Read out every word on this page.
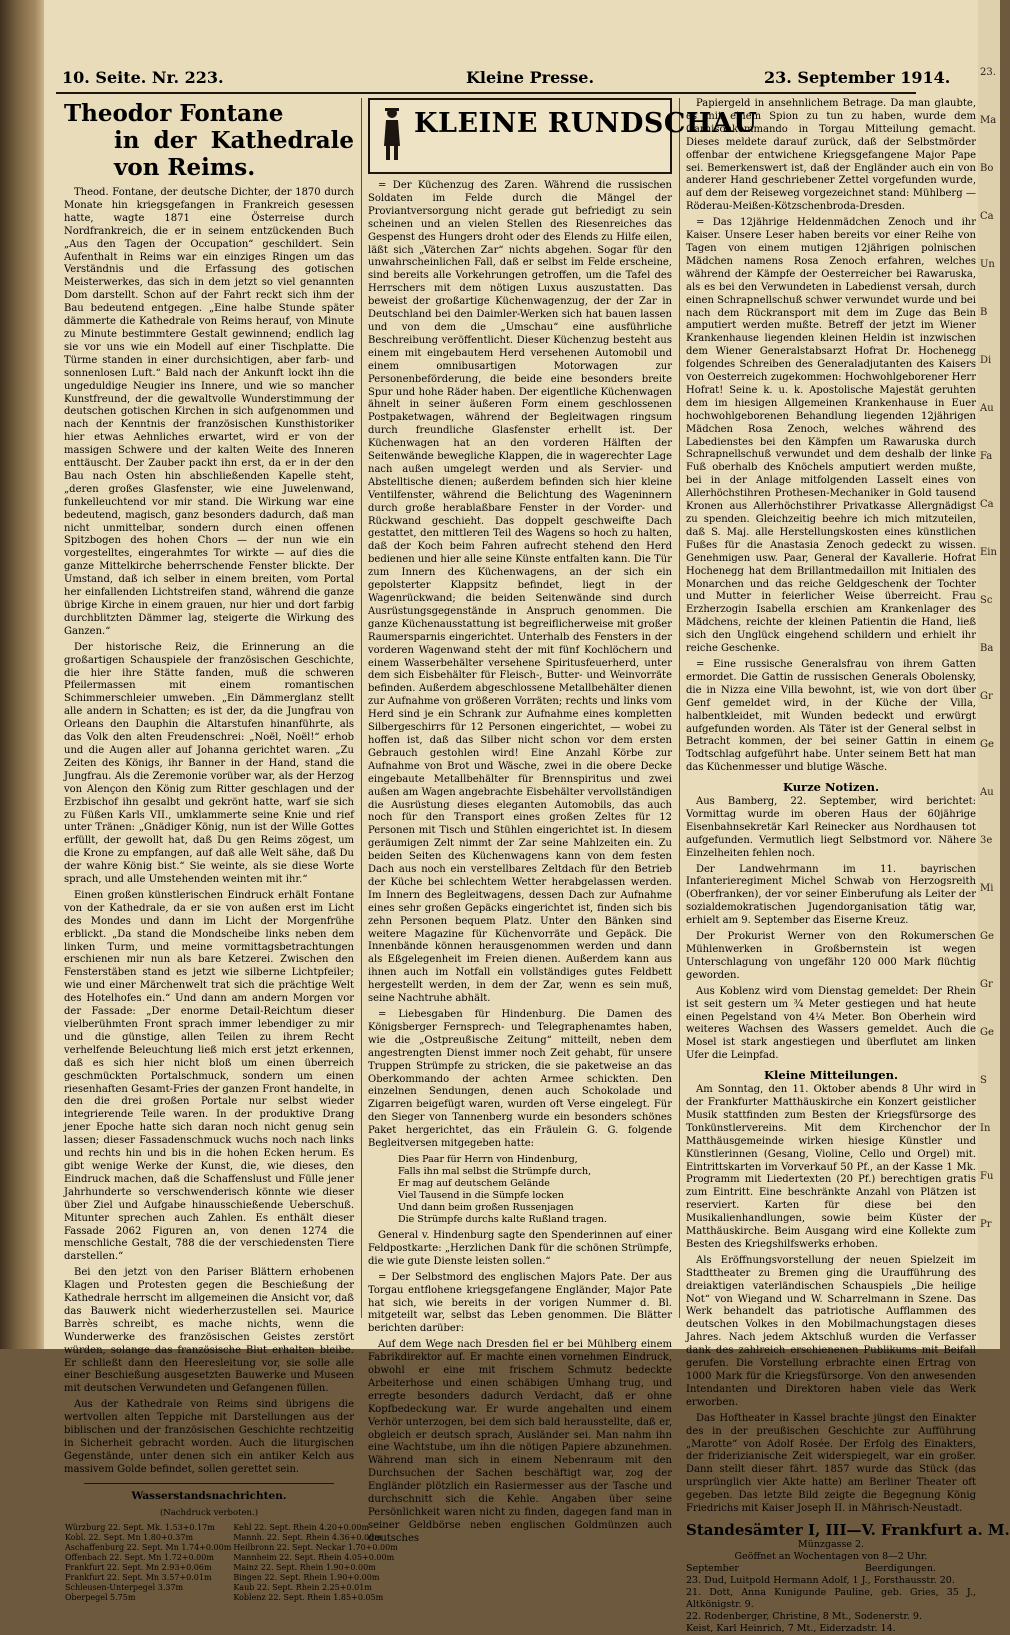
23.
Ma
Bo
Ca
Un
B
Di
Au
Fa
Ca
Ein
Sc
Ba
Gr
Ge
Au
3e
Mi
Ge
Gr
Ge
S
In
Fu
Pr
10. Seite. Nr. 223.	Kleine Presse.	23. September 1914.
Theodor Fontane
in der Kathedrale von Reims.

Theod. Fontane, der deutsche Dichter, der 1870 durch Monate hin kriegsgefangen in Frankreich gesessen hatte, wagte 1871 eine Österreise durch Nordfrankreich, die er in seinem entzückenden Buch „Aus den Tagen der Occupation“ geschildert. Sein Aufenthalt in Reims war ein einziges Ringen um das Verständnis und die Erfassung des gotischen Meisterwerkes, das sich in dem jetzt so viel genannten Dom darstellt. Schon auf der Fahrt reckt sich ihm der Bau bedeutend entgegen. „Eine halbe Stunde später dämmerte die Kathedrale von Reims herauf, von Minute zu Minute bestimmtere Gestalt gewinnend; endlich lag sie vor uns wie ein Modell auf einer Tischplatte. Die Türme standen in einer durchsichtigen, aber farb- und sonnenlosen Luft.“ Bald nach der Ankunft lockt ihn die ungeduldige Neugier ins Innere, und wie so mancher Kunstfreund, der die gewaltvolle Wunderstimmung der deutschen gotischen Kirchen in sich aufgenommen und nach der Kenntnis der französischen Kunsthistoriker hier etwas Aehnliches erwartet, wird er von der massigen Schwere und der kalten Weite des Inneren enttäuscht. Der Zauber packt ihn erst, da er in der den Bau nach Osten hin abschließenden Kapelle steht, „deren großes Glasfenster, wie eine Juwelenwand, funkelleuchtend vor mir stand. Die Wirkung war eine bedeutend, magisch, ganz besonders dadurch, daß man nicht unmittelbar, sondern durch einen offenen Spitzbogen des hohen Chors — der nun wie ein vorgestelltes, eingerahmtes Tor wirkte — auf dies die ganze Mittelkirche beherrschende Fenster blickte. Der Umstand, daß ich selber in einem breiten, vom Portal her einfallenden Lichtstreifen stand, während die ganze übrige Kirche in einem grauen, nur hier und dort farbig durchblitzten Dämmer lag, steigerte die Wirkung des Ganzen.“

Der historische Reiz, die Erinnerung an die großartigen Schauspiele der französischen Geschichte, die hier ihre Stätte fanden, muß die schweren Pfeilermassen mit einem romantischen Schimmerschleier umweben. „Ein Dämmerglanz stellt alle andern in Schatten; es ist der, da die Jungfrau von Orleans den Dauphin die Altarstufen hinanführte, als das Volk den alten Freudenschrei: „Noël, Noël!“ erhob und die Augen aller auf Johanna gerichtet waren. „Zu Zeiten des Königs, ihr Banner in der Hand, stand die Jungfrau. Als die Zeremonie vorüber war, als der Herzog von Alençon den König zum Ritter geschlagen und der Erzbischof ihn gesalbt und gekrönt hatte, warf sie sich zu Füßen Karls VII., umklammerte seine Knie und rief unter Tränen: „Gnädiger König, nun ist der Wille Gottes erfüllt, der gewollt hat, daß Du gen Reims zögest, um die Krone zu empfangen, auf daß alle Welt sähe, daß Du der wahre König bist.“ Sie weinte, als sie diese Worte sprach, und alle Umstehenden weinten mit ihr.“

Einen großen künstlerischen Eindruck erhält Fontane von der Kathedrale, da er sie von außen erst im Licht des Mondes und dann im Licht der Morgenfrühe erblickt. „Da stand die Mondscheibe links neben dem linken Turm, und meine vormittagsbetrachtungen erschienen mir nun als bare Ketzerei. Zwischen den Fensterstäben stand es jetzt wie silberne Lichtpfeiler; wie und einer Märchenwelt trat sich die prächtige Welt des Hotelhofes ein.“ Und dann am andern Morgen vor der Fassade: „Der enorme Detail-Reichtum dieser vielberühmten Front sprach immer lebendiger zu mir und die günstige, allen Teilen zu ihrem Recht verhelfende Beleuchtung ließ mich erst jetzt erkennen, daß es sich hier nicht bloß um einen überreich geschmückten Portalschmuck, sondern um einen riesenhaften Gesamt-Fries der ganzen Front handelte, in den die drei großen Portale nur selbst wieder integrierende Teile waren. In der produktive Drang jener Epoche hatte sich daran noch nicht genug sein lassen; dieser Fassadenschmuck wuchs noch nach links und rechts hin und bis in die hohen Ecken herum. Es gibt wenige Werke der Kunst, die, wie dieses, den Eindruck machen, daß die Schaffenslust und Fülle jener Jahrhunderte so verschwenderisch könnte wie dieser über Ziel und Aufgabe hinausschießende Ueberschuß. Mitunter sprechen auch Zahlen. Es enthält dieser Fassade 2062 Figuren an, von denen 1274 die menschliche Gestalt, 788 die der verschiedensten Tiere darstellen.“

Bei den jetzt von den Pariser Blättern erhobenen Klagen und Protesten gegen die Beschießung der Kathedrale herrscht im allgemeinen die Ansicht vor, daß das Bauwerk nicht wiederherzustellen sei. Maurice Barrès schreibt, es mache nichts, wenn die Wunderwerke des französischen Geistes zerstört würden, solange das französische Blut erhalten bleibe. Er schließt dann den Heeresleitung vor, sie solle alle einer Beschießung ausgesetzten Bauwerke und Museen mit deutschen Verwundeten und Gefangenen füllen.

Aus der Kathedrale von Reims sind übrigens die wertvollen alten Teppiche mit Darstellungen aus der biblischen und der französischen Geschichte rechtzeitig in Sicherheit gebracht worden. Auch die liturgischen Gegenstände, unter denen sich ein antiker Kelch aus massivem Golde befindet, sollen gerettet sein.

Wasserstandsnachrichten.
(Nachdruck verboten.)
Würzburg 22. Sept. Mk. 1.53+0.17m	Kehl 22. Sept. Rhein 4.20+0.00m
Kobl. 22. Sept. Mn 1.80+0.37m	Mannh. 22. Sept. Rhein 4.36+0.00m
Aschaffenburg 22. Sept. Mn 1.74+0.00m	Heilbronn 22. Sept. Neckar 1.70+0.00m
Offenbach 22. Sept. Mn 1.72+0.00m	Mannheim 22. Sept. Rhein 4.05+0.00m
Frankfurt 22. Sept. Mn 2.93+0.06m	Mainz 22. Sept. Rhein 1.90+0.00m
Frankfurt 22. Sept. Mn 3.57+0.01m	Bingen 22. Sept. Rhein 1.90+0.00m
Schleusen-Unterpegel 3.37m	Kaub 22. Sept. Rhein 2.25+0.01m
Oberpegel 5.75m	Koblenz 22. Sept. Rhein 1.85+0.05m
KLEINE RUNDSCHAU

= Der Küchenzug des Zaren. Während die russischen Soldaten im Felde durch die Mängel der Proviantversorgung nicht gerade gut befriedigt zu sein scheinen und an vielen Stellen des Riesenreiches das Gespenst des Hungers droht oder des Elends zu Hilfe eilen, läßt sich „Väterchen Zar“ nichts abgehen. Sogar für den unwahrscheinlichen Fall, daß er selbst im Felde erscheine, sind bereits alle Vorkehrungen getroffen, um die Tafel des Herrschers mit dem nötigen Luxus auszustatten. Das beweist der großartige Küchenwagenzug, der der Zar in Deutschland bei den Daimler-Werken sich hat bauen lassen und von dem die „Umschau“ eine ausführliche Beschreibung veröffentlicht. Dieser Küchenzug besteht aus einem mit eingebautem Herd versehenen Automobil und einem omnibusartigen Motorwagen zur Personenbeförderung, die beide eine besonders breite Spur und hohe Räder haben. Der eigentliche Küchenwagen ähnelt in seiner äußeren Form einem geschlossenen Postpaketwagen, während der Begleitwagen ringsum durch freundliche Glasfenster erhellt ist. Der Küchenwagen hat an den vorderen Hälften der Seitenwände bewegliche Klappen, die in wagerechter Lage nach außen umgelegt werden und als Servier- und Abstelltische dienen; außerdem befinden sich hier kleine Ventilfenster, während die Belichtung des Wageninnern durch große herablaßbare Fenster in der Vorder- und Rückwand geschieht. Das doppelt geschweifte Dach gestattet, den mittleren Teil des Wagens so hoch zu halten, daß der Koch beim Fahren aufrecht stehend den Herd bedienen und hier alle seine Künste entfalten kann. Die Tür zum Innern des Küchenwagens, an der sich ein gepolsterter Klappsitz befindet, liegt in der Wagenrückwand; die beiden Seitenwände sind durch Ausrüstungsgegenstände in Anspruch genommen. Die ganze Küchenausstattung ist begreiflicherweise mit großer Raumersparnis eingerichtet. Unterhalb des Fensters in der vorderen Wagenwand steht der mit fünf Kochlöchern und einem Wasserbehälter versehene Spiritusfeuerherd, unter dem sich Eisbehälter für Fleisch-, Butter- und Weinvorräte befinden. Außerdem abgeschlossene Metallbehälter dienen zur Aufnahme von größeren Vorräten; rechts und links vom Herd sind je ein Schrank zur Aufnahme eines kompletten Silbergeschirrs für 12 Personen eingerichtet, — wobei zu hoffen ist, daß das Silber nicht schon vor dem ersten Gebrauch gestohlen wird! Eine Anzahl Körbe zur Aufnahme von Brot und Wäsche, zwei in die obere Decke eingebaute Metallbehälter für Brennspiritus und zwei außen am Wagen angebrachte Eisbehälter vervollständigen die Ausrüstung dieses eleganten Automobils, das auch noch für den Transport eines großen Zeltes für 12 Personen mit Tisch und Stühlen eingerichtet ist. In diesem geräumigen Zelt nimmt der Zar seine Mahlzeiten ein. Zu beiden Seiten des Küchenwagens kann von dem festen Dach aus noch ein verstellbares Zeltdach für den Betrieb der Küche bei schlechtem Wetter herabgelassen werden. Im Innern des Begleitwagens, dessen Dach zur Aufnahme eines sehr großen Gepäcks eingerichtet ist, finden sich bis zehn Personen bequem Platz. Unter den Bänken sind weitere Magazine für Küchenvorräte und Gepäck. Die Innenbände können herausgenommen werden und dann als Eßgelegenheit im Freien dienen. Außerdem kann aus ihnen auch im Notfall ein vollständiges gutes Feldbett hergestellt werden, in dem der Zar, wenn es sein muß, seine Nachtruhe abhält.

= Liebesgaben für Hindenburg. Die Damen des Königsberger Fernsprech- und Telegraphenamtes haben, wie die „Ostpreußische Zeitung“ mitteilt, neben dem angestrengten Dienst immer noch Zeit gehabt, für unsere Truppen Strümpfe zu stricken, die sie paketweise an das Oberkommando der achten Armee schickten. Den einzelnen Sendungen, denen auch Schokolade und Zigarren beigefügt waren, wurden oft Verse eingelegt. Für den Sieger von Tannenberg wurde ein besonders schönes Paket hergerichtet, das ein Fräulein G. G. folgende Begleitversen mitgegeben hatte:

Dies Paar für Herrn von Hindenburg,
Falls ihn mal selbst die Strümpfe durch,
Er mag auf deutschem Gelände
Viel Tausend in die Sümpfe locken
Und dann beim großen Russenjagen
Die Strümpfe durchs kalte Rußland tragen.

General v. Hindenburg sagte den Spenderinnen auf einer Feldpostkarte: „Herzlichen Dank für die schönen Strümpfe, die wie gute Dienste leisten sollen.“

= Der Selbstmord des englischen Majors Pate. Der aus Torgau entflohene kriegsgefangene Engländer, Major Pate hat sich, wie bereits in der vorigen Nummer d. Bl. mitgeteilt war, selbst das Leben genommen. Die Blätter berichten darüber:

Auf dem Wege nach Dresden fiel er bei Mühlberg einem Fabrikdirektor auf. Er machte einen vornehmen Eindruck, obwohl er eine mit frischem Schmutz bedeckte Arbeiterhose und einen schäbigen Umhang trug, und erregte besonders dadurch Verdacht, daß er ohne Kopfbedeckung war. Er wurde angehalten und einem Verhör unterzogen, bei dem sich bald herausstellte, daß er, obgleich er deutsch sprach, Ausländer sei. Man nahm ihn eine Wachtstube, um ihn die nötigen Papiere abzunehmen. Während man sich in einem Nebenraum mit den Durchsuchen der Sachen beschäftigt war, zog der Engländer plötzlich ein Rasiermesser aus der Tasche und durchschnitt sich die Kehle. Angaben über seine Persönlichkeit waren nicht zu finden, dagegen fand man in seiner Geldbörse neben englischen Goldmünzen auch deutsches

Papiergeld in ansehnlichem Betrage. Da man glaubte, es mit einem Spion zu tun zu haben, wurde dem Garnisonkommando in Torgau Mitteilung gemacht. Dieses meldete darauf zurück, daß der Selbstmörder offenbar der entwichene Kriegsgefangene Major Pape sei. Bemerkenswert ist, daß der Engländer auch ein von anderer Hand geschriebener Zettel vorgefunden wurde, auf dem der Reiseweg vorgezeichnet stand: Mühlberg — Röderau-Meißen-Kötzschenbroda-Dresden.

= Das 12jährige Heldenmädchen Zenoch und ihr Kaiser. Unsere Leser haben bereits vor einer Reihe von Tagen von einem mutigen 12jährigen polnischen Mädchen namens Rosa Zenoch erfahren, welches während der Kämpfe der Oesterreicher bei Rawaruska, als es bei den Verwundeten in Labedienst versah, durch einen Schrapnellschuß schwer verwundet wurde und bei nach dem Rückransport mit dem im Zuge das Bein amputiert werden mußte. Betreff der jetzt im Wiener Krankenhause liegenden kleinen Heldin ist inzwischen dem Wiener Generalstabsarzt Hofrat Dr. Hochenegg folgendes Schreiben des Generaladjutanten des Kaisers von Oesterreich zugekommen: Hochwohlgeborener Herr Hofrat! Seine k. u. k. Apostolische Majestät geruhten dem im hiesigen Allgemeinen Krankenhause in Euer hochwohlgeborenen Behandlung liegenden 12jährigen Mädchen Rosa Zenoch, welches während des Labedienstes bei den Kämpfen um Rawaruska durch Schrapnellschuß verwundet und dem deshalb der linke Fuß oberhalb des Knöchels amputiert werden mußte, bei in der Anlage mitfolgenden Lasselt eines von Allerhöchstihren Prothesen-Mechaniker in Gold tausend Kronen aus Allerhöchstihrer Privatkasse Allergnädigst zu spenden. Gleichzeitig beehre ich mich mitzuteilen, daß S. Maj. alle Herstellungskosten eines künstlichen Fußes für die Anastasia Zenoch gedeckt zu wissen. Genehmigen usw. Paar, General der Kavallerie. Hofrat Hochenegg hat dem Brillantmedaillon mit Initialen des Monarchen und das reiche Geldgeschenk der Tochter und Mutter in feierlicher Weise überreicht. Frau Erzherzogin Isabella erschien am Krankenlager des Mädchens, reichte der kleinen Patientin die Hand, ließ sich den Unglück eingehend schildern und erhielt ihr reiche Geschenke.

= Eine russische Generalsfrau von ihrem Gatten ermordet. Die Gattin de russischen Generals Obolensky, die in Nizza eine Villa bewohnt, ist, wie von dort über Genf gemeldet wird, in der Küche der Villa, halbentkleidet, mit Wunden bedeckt und erwürgt aufgefunden worden. Als Täter ist der General selbst in Betracht kommen, der bei seiner Gattin in einem Todtschlag aufgeführt habe. Unter seinem Bett hat man das Küchenmesser und blutige Wäsche.

Kurze Notizen.

Aus Bamberg, 22. September, wird berichtet: Vormittag wurde im oberen Haus der 60jährige Eisenbahnsekretär Karl Reinecker aus Nordhausen tot aufgefunden. Vermutlich liegt Selbstmord vor. Nähere Einzelheiten fehlen noch.

Der Landwehrmann im 11. bayrischen Infanterieregiment Michel Schwab von Herzogsreith (Oberfranken), der vor seiner Einberufung als Leiter der sozialdemokratischen Jugendorganisation tätig war, erhielt am 9. September das Eiserne Kreuz.

Der Prokurist Werner von den Rokumerschen Mühlenwerken in Großbernstein ist wegen Unterschlagung von ungefähr 120 000 Mark flüchtig geworden.

Aus Koblenz wird vom Dienstag gemeldet: Der Rhein ist seit gestern um ¾ Meter gestiegen und hat heute einen Pegelstand von 4¼ Meter. Bon Oberhein wird weiteres Wachsen des Wassers gemeldet. Auch die Mosel ist stark angestiegen und überflutet am linken Ufer die Leinpfad.

Kleine Mitteilungen.

Am Sonntag, den 11. Oktober abends 8 Uhr wird in der Frankfurter Matthäuskirche ein Konzert geistlicher Musik stattfinden zum Besten der Kriegsfürsorge des Tonkünstlervereins. Mit dem Kirchenchor der Matthäusgemeinde wirken hiesige Künstler und Künstlerinnen (Gesang, Violine, Cello und Orgel) mit. Eintrittskarten im Vorverkauf 50 Pf., an der Kasse 1 Mk. Programm mit Liedertexten (20 Pf.) berechtigen gratis zum Eintritt. Eine beschränkte Anzahl von Plätzen ist reserviert. Karten für diese bei den Musikalienhandlungen, sowie beim Küster der Matthäuskirche. Beim Ausgang wird eine Kollekte zum Besten des Kriegshilfswerks erhoben.

Als Eröffnungsvorstellung der neuen Spielzeit im Stadttheater zu Bremen ging die Uraufführung des dreiaktigen vaterländischen Schauspiels „Die heilige Not“ von Wiegand und W. Scharrelmann in Szene. Das Werk behandelt das patriotische Aufflammen des deutschen Volkes in den Mobilmachungstagen dieses Jahres. Nach jedem Aktschluß wurden die Verfasser dank des zahlreich erschienenen Publikums mit Beifall gerufen. Die Vorstellung erbrachte einen Ertrag von 1000 Mark für die Kriegsfürsorge. Von den anwesenden Intendanten und Direktoren haben viele das Werk erworben.

Das Hoftheater in Kassel brachte jüngst den Einakter des in der preußischen Geschichte zur Aufführung „Marotte“ von Adolf Rosée. Der Erfolg des Einakters, der friderizianische Zeit widerspiegelt, war ein großer. Dann stellt dieser fährt. 1857 wurde das Stück (das ursprünglich vier Akte hatte) am Berliner Theater oft gegeben. Das letzte Bild zeigte die Begegnung König Friedrichs mit Kaiser Joseph II. in Mährisch-Neustadt.

Standesämter I, III—V. Frankfurt a. M.
Münzgasse 2.
Geöffnet an Wochentagen von 8—2 Uhr.
September	Beerdigungen.
23. Dud, Luitpold Hermann Adolf, 1 J., Forsthausstr. 20.
21. Dott, Anna Kunigunde Pauline, geb. Gries, 35 J., Altkönigstr. 9.
22. Rodenberger, Christine, 8 Mt., Sodenerstr. 9.
Keist, Karl Heinrich, 7 Mt., Eiderzadstr. 14.
